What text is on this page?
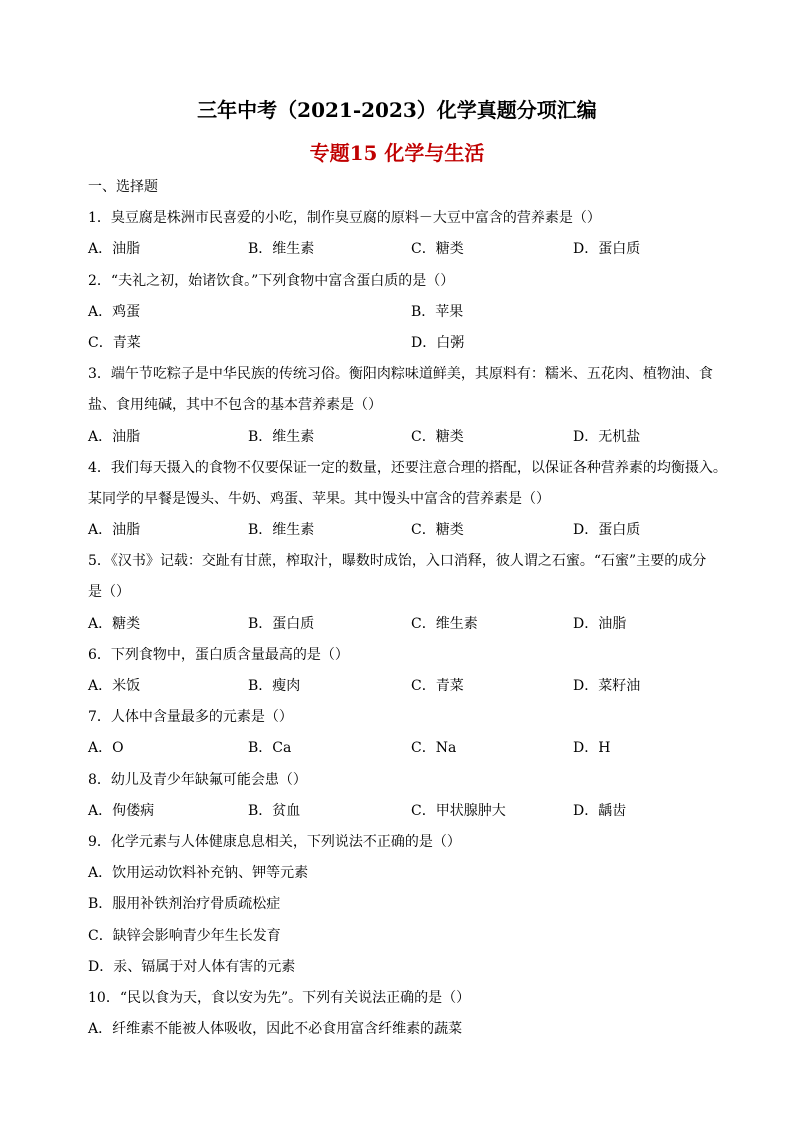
三年中考（2021-2023）化学真题分项汇编
专题15 化学与生活
一、选择题
1．臭豆腐是株洲市民喜爱的小吃，制作臭豆腐的原料－大豆中富含的营养素是（）
A．油脂	B．维生素	C．糖类	D．蛋白质
2．“夫礼之初，始诸饮食。”下列食物中富含蛋白质的是（）
A．鸡蛋	B．苹果
C．青菜	D．白粥
3．端午节吃粽子是中华民族的传统习俗。衡阳肉粽味道鲜美，其原料有：糯米、五花肉、植物油、食
盐、食用纯碱，其中不包含的基本营养素是（）
A．油脂	B．维生素	C．糖类	D．无机盐
4．我们每天摄入的食物不仅要保证一定的数量，还要注意合理的搭配，以保证各种营养素的均衡摄入。
某同学的早餐是馒头、牛奶、鸡蛋、苹果。其中馒头中富含的营养素是（）
A．油脂	B．维生素	C．糖类	D．蛋白质
5．《汉书》记载：交趾有甘蔗，榨取汁，曝数时成饴，入口消释，彼人谓之石蜜。“石蜜”主要的成分
是（）
A．糖类	B．蛋白质	C．维生素	D．油脂
6．下列食物中，蛋白质含量最高的是（）
A．米饭	B．瘦肉	C．青菜	D．菜籽油
7．人体中含量最多的元素是（）
A．O	B．Ca	C．Na	D．H
8．幼儿及青少年缺氟可能会患（）
A．佝偻病	B．贫血	C．甲状腺肿大	D．龋齿
9．化学元素与人体健康息息相关，下列说法不正确的是（）
A．饮用运动饮料补充钠、钾等元素
B．服用补铁剂治疗骨质疏松症
C．缺锌会影响青少年生长发育
D．汞、镉属于对人体有害的元素
10．“民以食为天，食以安为先”。下列有关说法正确的是（）
A．纤维素不能被人体吸收，因此不必食用富含纤维素的蔬菜
